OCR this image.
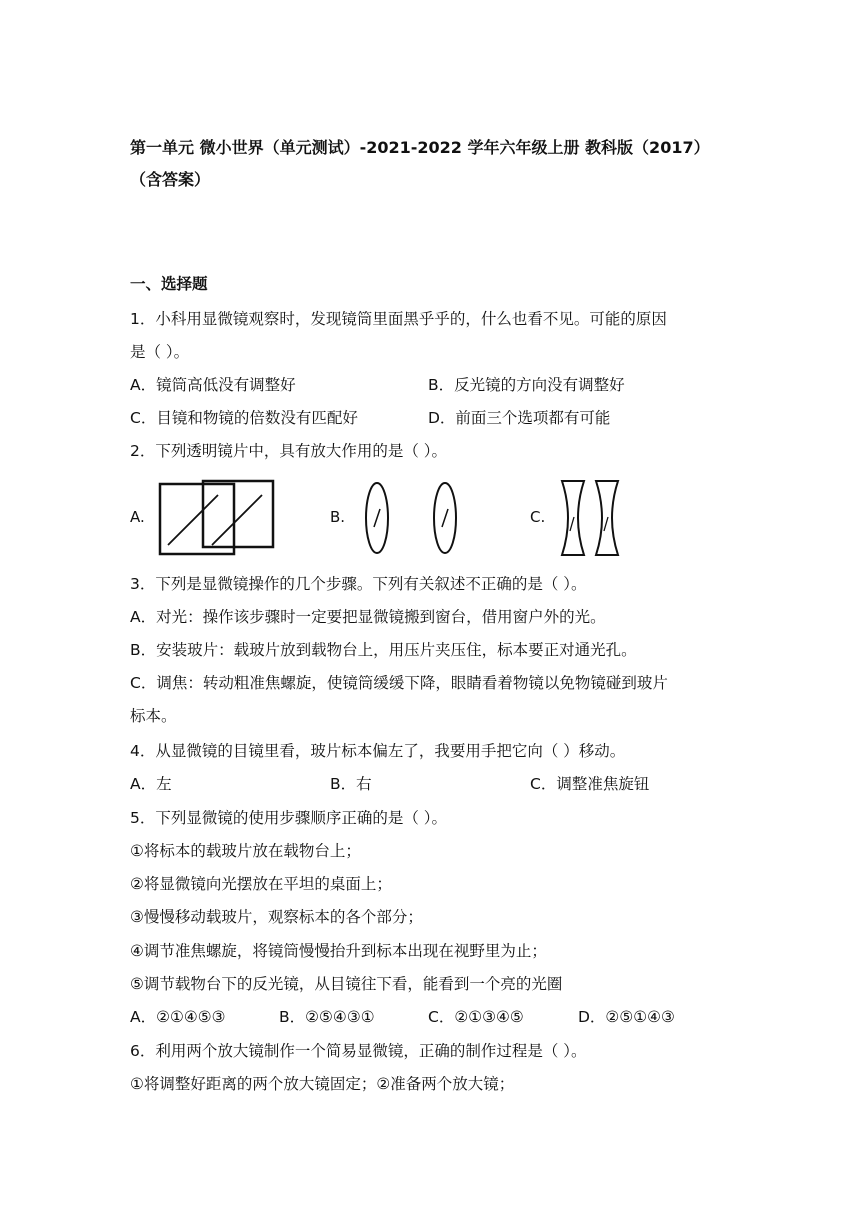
第一单元 微小世界（单元测试）-2021-2022 学年六年级上册 教科版（2017）
（含答案）
一、选择题
1．小科用显微镜观察时，发现镜筒里面黑乎乎的，什么也看不见。可能的原因
是（ ）。
A．镜筒高低没有调整好	B．反光镜的方向没有调整好
C．目镜和物镜的倍数没有匹配好	D．前面三个选项都有可能
2．下列透明镜片中，具有放大作用的是（ ）。
A.	B.	C.
3．下列是显微镜操作的几个步骤。下列有关叙述不正确的是（ ）。
A．对光：操作该步骤时一定要把显微镜搬到窗台，借用窗户外的光。
B．安装玻片：载玻片放到载物台上，用压片夹压住，标本要正对通光孔。
C．调焦：转动粗准焦螺旋，使镜筒缓缓下降，眼睛看着物镜以免物镜碰到玻片
标本。
4．从显微镜的目镜里看，玻片标本偏左了，我要用手把它向（ ）移动。
A．左	B．右	C．调整准焦旋钮
5．下列显微镜的使用步骤顺序正确的是（ ）。
①将标本的载玻片放在载物台上；
②将显微镜向光摆放在平坦的桌面上；
③慢慢移动载玻片，观察标本的各个部分；
④调节准焦螺旋，将镜筒慢慢抬升到标本出现在视野里为止；
⑤调节载物台下的反光镜，从目镜往下看，能看到一个亮的光圈
A．②①④⑤③	B．②⑤④③①	C．②①③④⑤	D．②⑤①④③
6．利用两个放大镜制作一个简易显微镜，正确的制作过程是（ ）。
①将调整好距离的两个放大镜固定；②准备两个放大镜；
